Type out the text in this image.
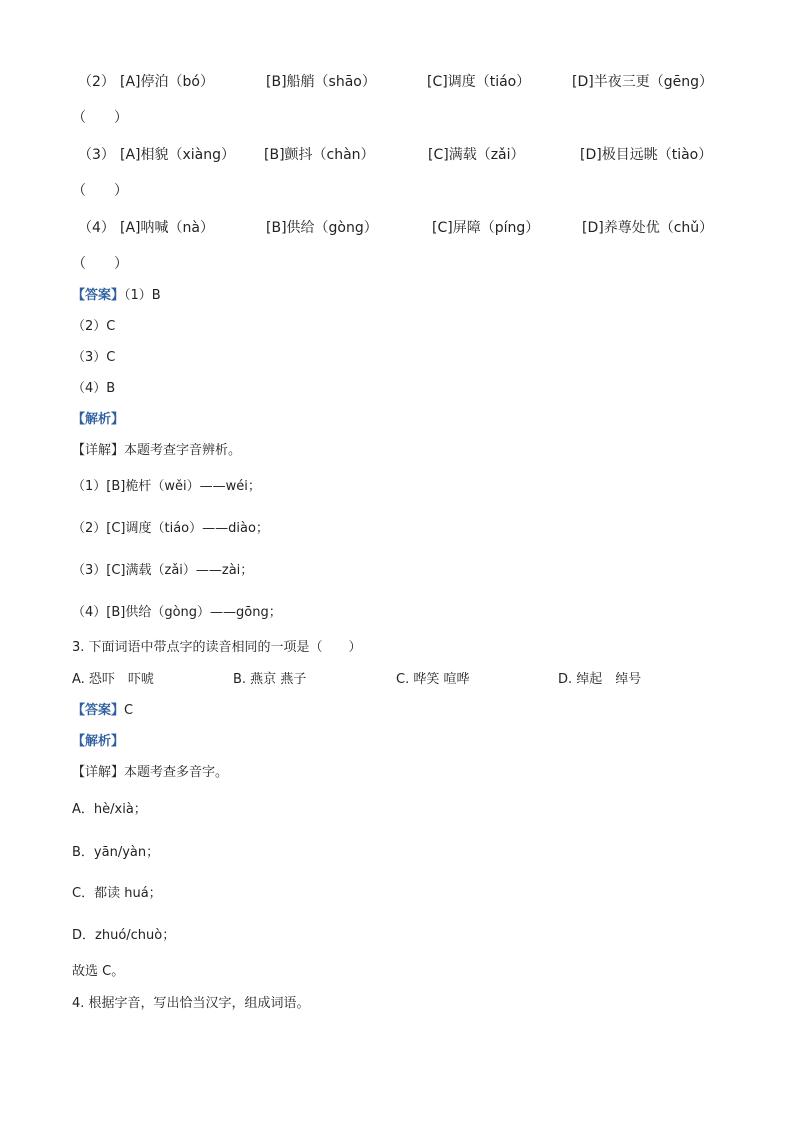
（2） [A]停泊（bó）	[B]船艄（shāo）	[C]调度（tiáo）	[D]半夜三更（gēng）
（　　）
（3） [A]相貌（xiàng） [B]颤抖（chàn）	[C]满载（zǎi）	[D]极目远眺（tiào）
（　　）
（4） [A]呐喊（nà）	[B]供给（gòng）	[C]屏障（píng）	[D]养尊处优（chǔ）
（　　）
【答案】（1）B
（2）C
（3）C
（4）B
【解析】
【详解】本题考查字音辨析。
（1）[B]桅杆（wěi）——wéi；
（2）[C]调度（tiáo）——diào；
（3）[C]满载（zǎi）——zài；
（4）[B]供给（gòng）——gōng；
3. 下面词语中带点字的读音相同的一项是（　　）
A. 恐吓　吓唬	B. 燕京 燕子	C. 哗笑 喧哗	D. 绰起　绰号
【答案】C
【解析】
【详解】本题考查多音字。
A．hè/xià；
B．yān/yàn；
C．都读 huá；
D．zhuó/chuò；
故选 C。
4. 根据字音，写出恰当汉字，组成词语。
